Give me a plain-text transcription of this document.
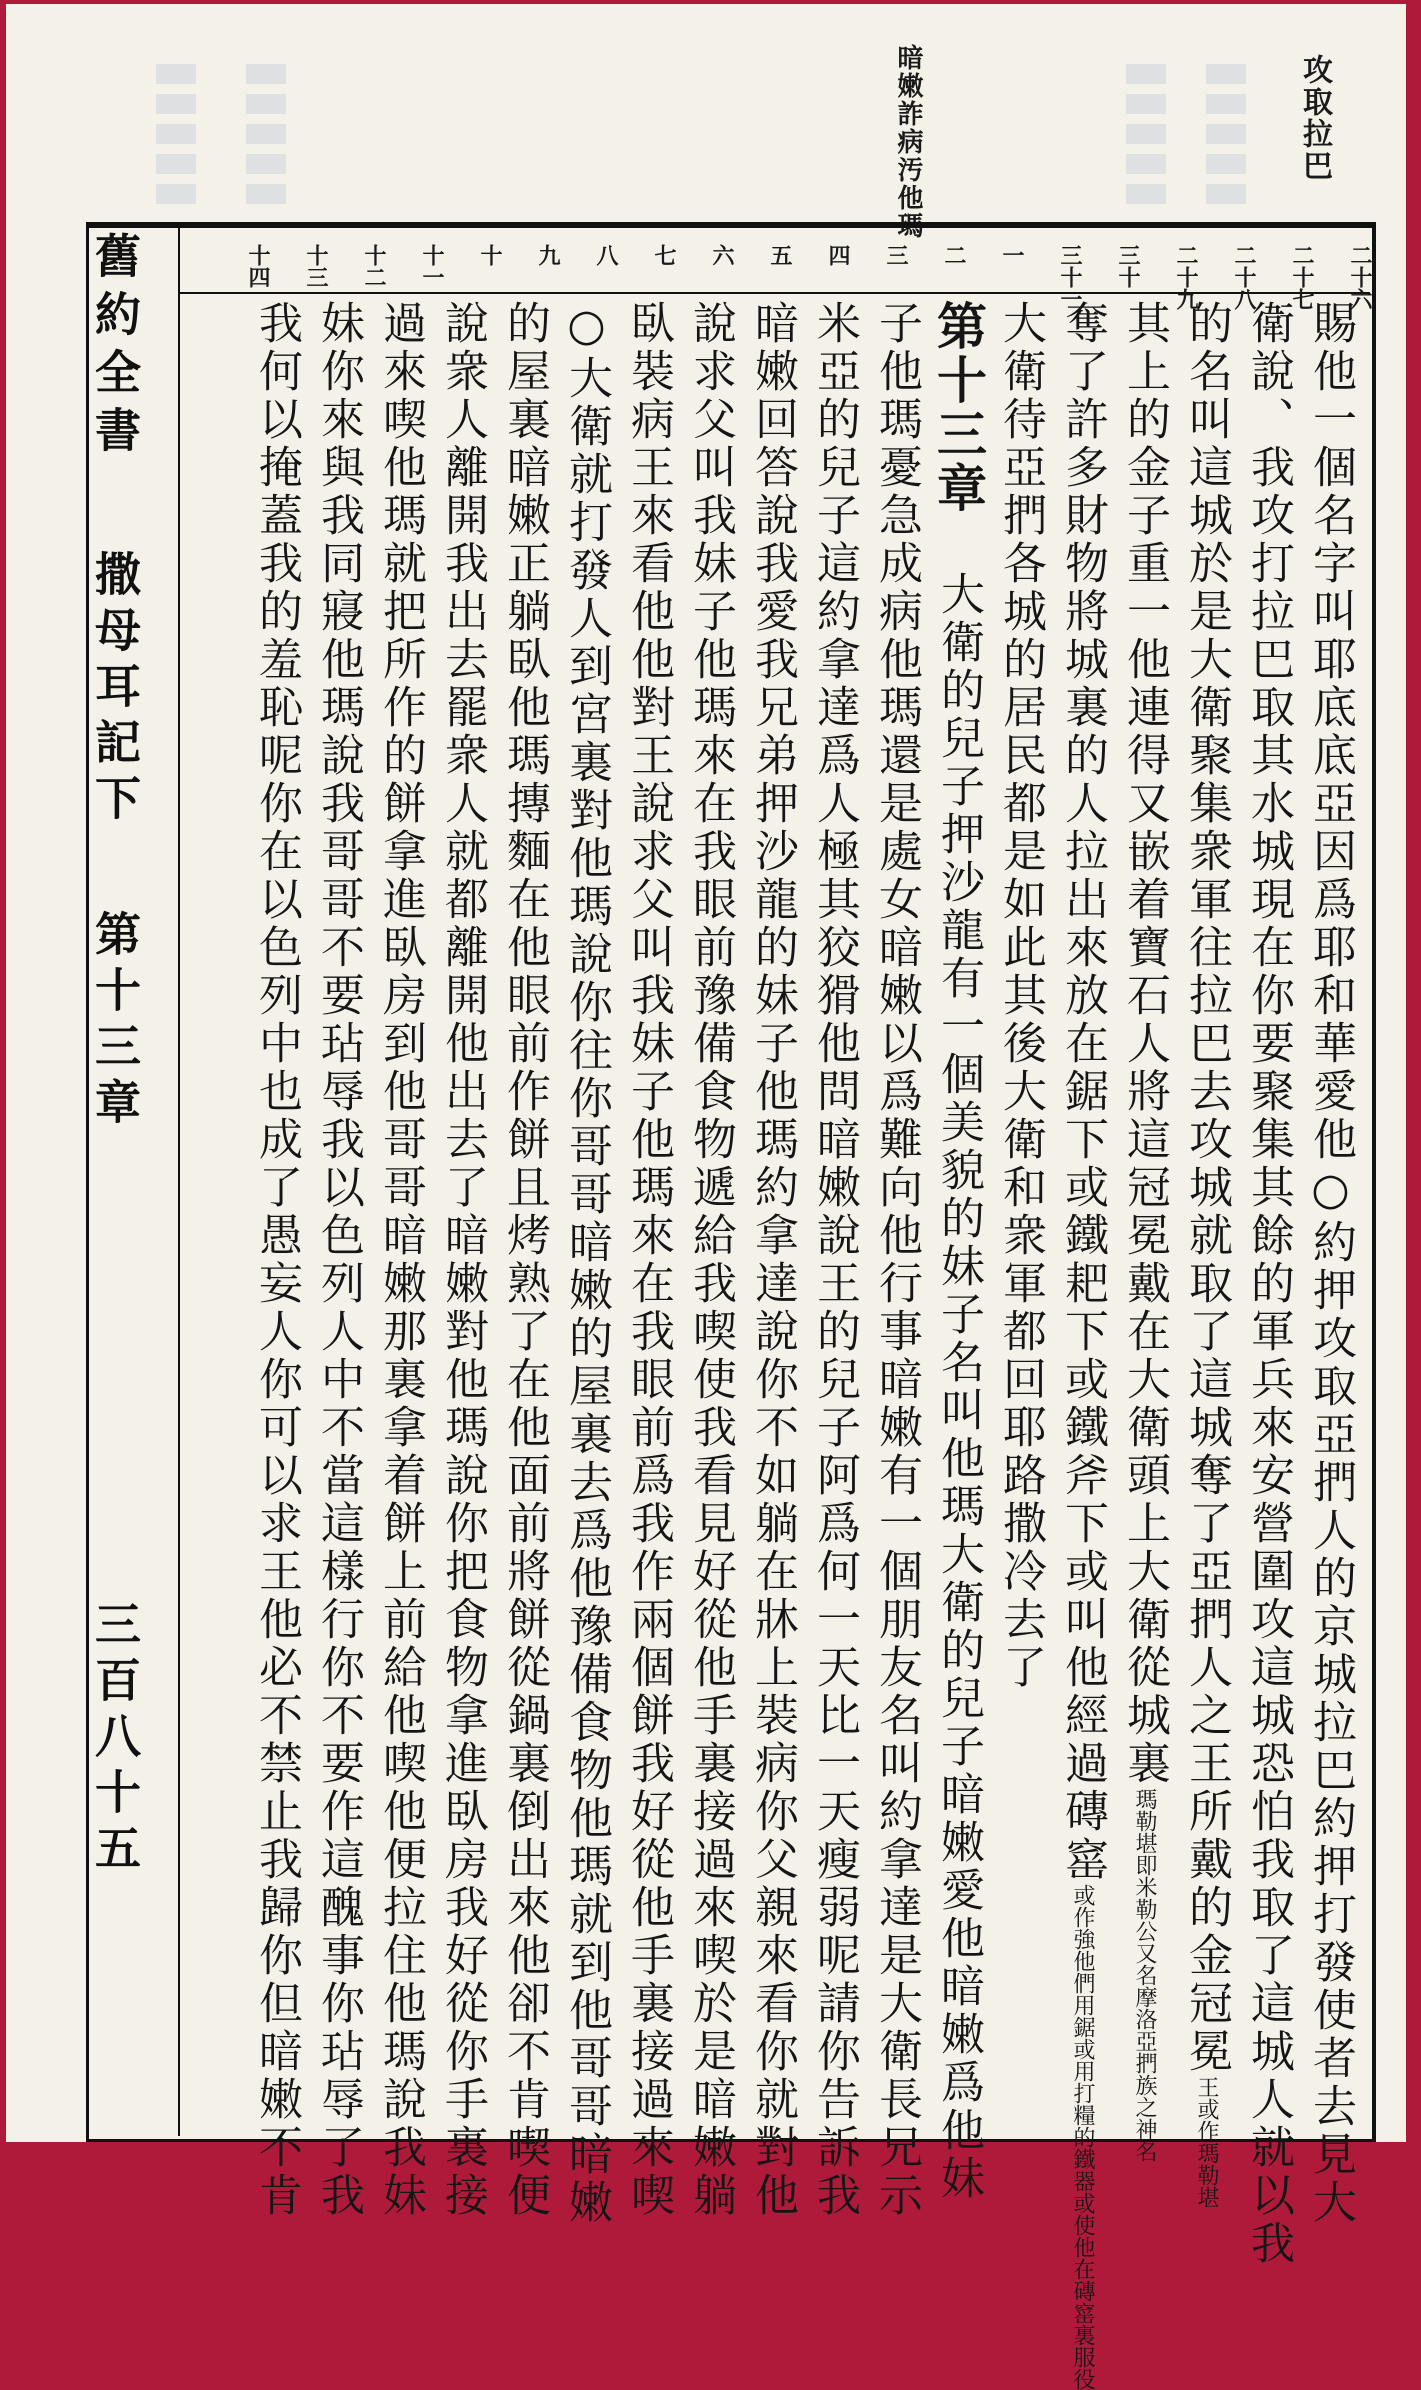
攻取拉巴
暗嫩詐病汚他瑪
二十六
二十七
二十八
二十九
三十
三十一
一
二
三
四
五
六
七
八
九
十
十一
十二
十三
十四
賜他一個名字叫耶底底亞因爲耶和華愛他○約押攻取亞捫人的京城拉巴約押打發使者去見大
衛說、我攻打拉巴取其水城現在你要聚集其餘的軍兵來安營圍攻這城恐怕我取了這城人就以我
的名叫這城於是大衛聚集衆軍往拉巴去攻城就取了這城奪了亞捫人之王所戴的金冠冕王或作瑪勒堪
其上的金子重一他連得又嵌着寶石人將這冠冕戴在大衛頭上大衛從城裏瑪勒堪即米勒公又名摩洛亞捫族之神名
奪了許多財物將城裏的人拉出來放在鋸下或鐵耙下或鐵斧下或叫他經過磚窰或作強他們用鋸或用打糧的鐵器或使他在磚窰裏服役
大衛待亞捫各城的居民都是如此其後大衛和衆軍都回耶路撒冷去了
第十三章 大衛的兒子押沙龍有一個美貌的妹子名叫他瑪大衛的兒子暗嫩愛他暗嫩爲他妹
子他瑪憂急成病他瑪還是處女暗嫩以爲難向他行事暗嫩有一個朋友名叫約拿達是大衛長兄示
米亞的兒子這約拿達爲人極其狡猾他問暗嫩說王的兒子阿爲何一天比一天瘦弱呢請你告訴我
暗嫩回答說我愛我兄弟押沙龍的妹子他瑪約拿達說你不如躺在牀上裝病你父親來看你就對他
說求父叫我妹子他瑪來在我眼前豫備食物遞給我喫使我看見好從他手裏接過來喫於是暗嫩躺
臥裝病王來看他他對王說求父叫我妹子他瑪來在我眼前爲我作兩個餅我好從他手裏接過來喫
○大衛就打發人到宮裏對他瑪說你往你哥哥暗嫩的屋裏去爲他豫備食物他瑪就到他哥哥暗嫩
的屋裏暗嫩正躺臥他瑪摶麵在他眼前作餅且烤熟了在他面前將餅從鍋裏倒出來他卻不肯喫便
說衆人離開我出去罷衆人就都離開他出去了暗嫩對他瑪說你把食物拿進臥房我好從你手裏接
過來喫他瑪就把所作的餅拿進臥房到他哥哥暗嫩那裏拿着餅上前給他喫他便拉住他瑪說我妹
妹你來與我同寢他瑪說我哥哥不要玷辱我以色列人中不當這樣行你不要作這醜事你玷辱了我
我何以掩蓋我的羞恥呢你在以色列中也成了愚妄人你可以求王他必不禁止我歸你但暗嫩不肯
舊約全書
撒母耳記下
第十三章
三百八十五
